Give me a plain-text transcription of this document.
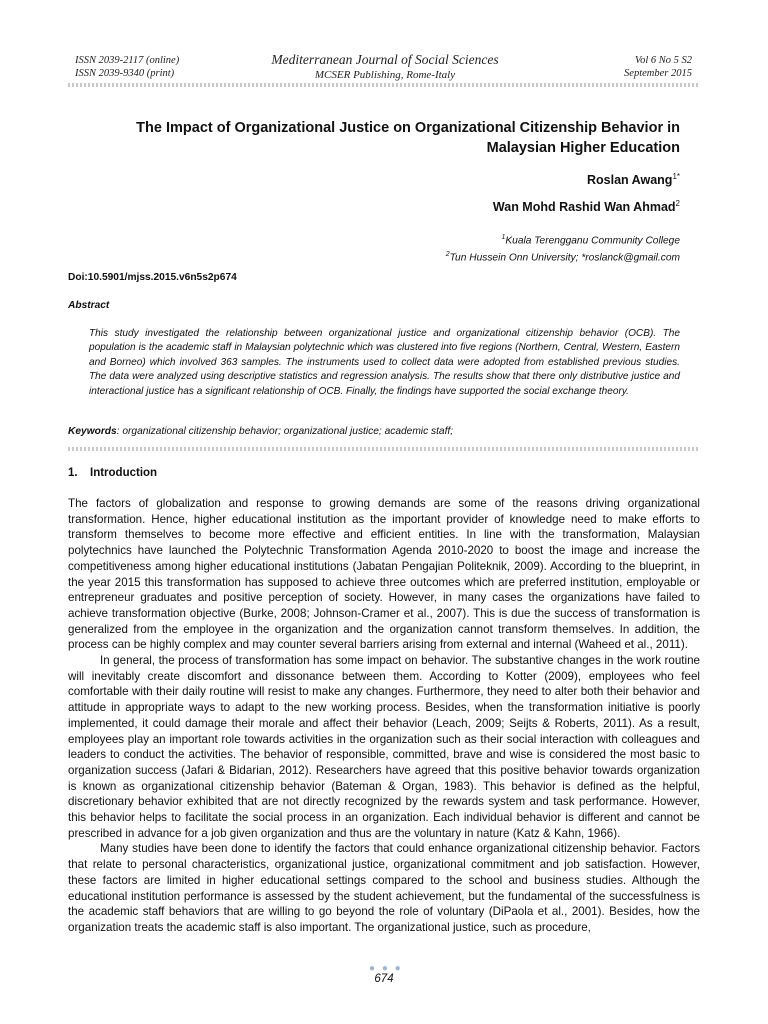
ISSN 2039-2117 (online)
ISSN 2039-9340 (print)
Mediterranean Journal of Social Sciences
MCSER Publishing, Rome-Italy
Vol 6 No 5 S2
September 2015
The Impact of Organizational Justice on Organizational Citizenship Behavior in
Malaysian Higher Education
Roslan Awang$^{1*}$
Wan Mohd Rashid Wan Ahmad$^2$
$^1$Kuala Terengganu Community College
$^2$Tun Hussein Onn University; *roslanck@gmail.com
Doi:10.5901/mjss.2015.v6n5s2p674
Abstract
This study investigated the relationship between organizational justice and organizational citizenship behavior (OCB). The population is the academic staff in Malaysian polytechnic which was clustered into five regions (Northern, Central, Western, Eastern and Borneo) which involved 363 samples. The instruments used to collect data were adopted from established previous studies. The data were analyzed using descriptive statistics and regression analysis. The results show that there only distributive justice and interactional justice has a significant relationship of OCB. Finally, the findings have supported the social exchange theory.
Keywords: organizational citizenship behavior; organizational justice; academic staff;
1. Introduction

The factors of globalization and response to growing demands are some of the reasons driving organizational transformation. Hence, higher educational institution as the important provider of knowledge need to make efforts to transform themselves to become more effective and efficient entities. In line with the transformation, Malaysian polytechnics have launched the Polytechnic Transformation Agenda 2010-2020 to boost the image and increase the competitiveness among higher educational institutions (Jabatan Pengajian Politeknik, 2009). According to the blueprint, in the year 2015 this transformation has supposed to achieve three outcomes which are preferred institution, employable or entrepreneur graduates and positive perception of society. However, in many cases the organizations have failed to achieve transformation objective (Burke, 2008; Johnson-Cramer et al., 2007). This is due the success of transformation is generalized from the employee in the organization and the organization cannot transform themselves. In addition, the process can be highly complex and may counter several barriers arising from external and internal (Waheed et al., 2011).

In general, the process of transformation has some impact on behavior. The substantive changes in the work routine will inevitably create discomfort and dissonance between them. According to Kotter (2009), employees who feel comfortable with their daily routine will resist to make any changes. Furthermore, they need to alter both their behavior and attitude in appropriate ways to adapt to the new working process. Besides, when the transformation initiative is poorly implemented, it could damage their morale and affect their behavior (Leach, 2009; Seijts & Roberts, 2011). As a result, employees play an important role towards activities in the organization such as their social interaction with colleagues and leaders to conduct the activities. The behavior of responsible, committed, brave and wise is considered the most basic to organization success (Jafari & Bidarian, 2012). Researchers have agreed that this positive behavior towards organization is known as organizational citizenship behavior (Bateman & Organ, 1983). This behavior is defined as the helpful, discretionary behavior exhibited that are not directly recognized by the rewards system and task performance. However, this behavior helps to facilitate the social process in an organization. Each individual behavior is different and cannot be prescribed in advance for a job given organization and thus are the voluntary in nature (Katz & Kahn, 1966).

Many studies have been done to identify the factors that could enhance organizational citizenship behavior. Factors that relate to personal characteristics, organizational justice, organizational commitment and job satisfaction. However, these factors are limited in higher educational settings compared to the school and business studies. Although the educational institution performance is assessed by the student achievement, but the fundamental of the successfulness is the academic staff behaviors that are willing to go beyond the role of voluntary (DiPaola et al., 2001). Besides, how the organization treats the academic staff is also important. The organizational justice, such as procedure,

● ● ●
674
